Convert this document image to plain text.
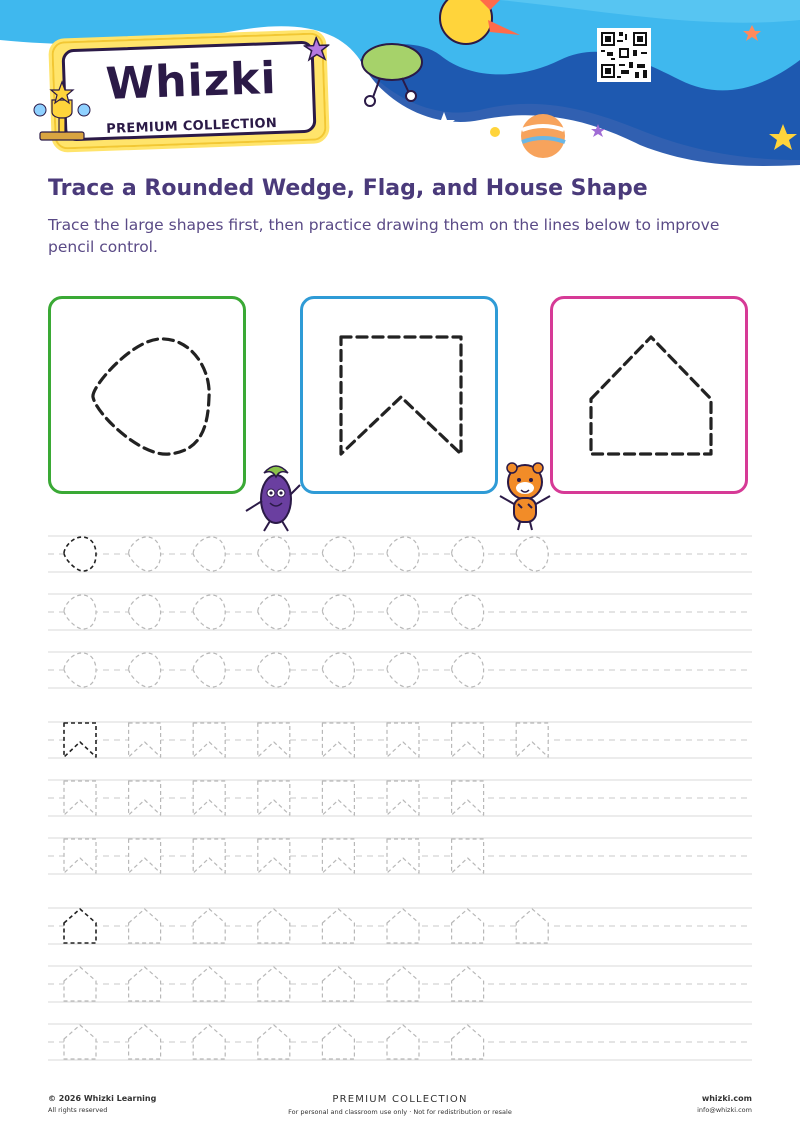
Whizki
PREMIUM COLLECTION
Trace a Rounded Wedge, Flag, and House Shape
Trace the large shapes first, then practice drawing them on the lines below to improve pencil control.
© 2026 Whizki Learning
All rights reserved
PREMIUM COLLECTION
For personal and classroom use only · Not for redistribution or resale
whizki.com
info@whizki.com
